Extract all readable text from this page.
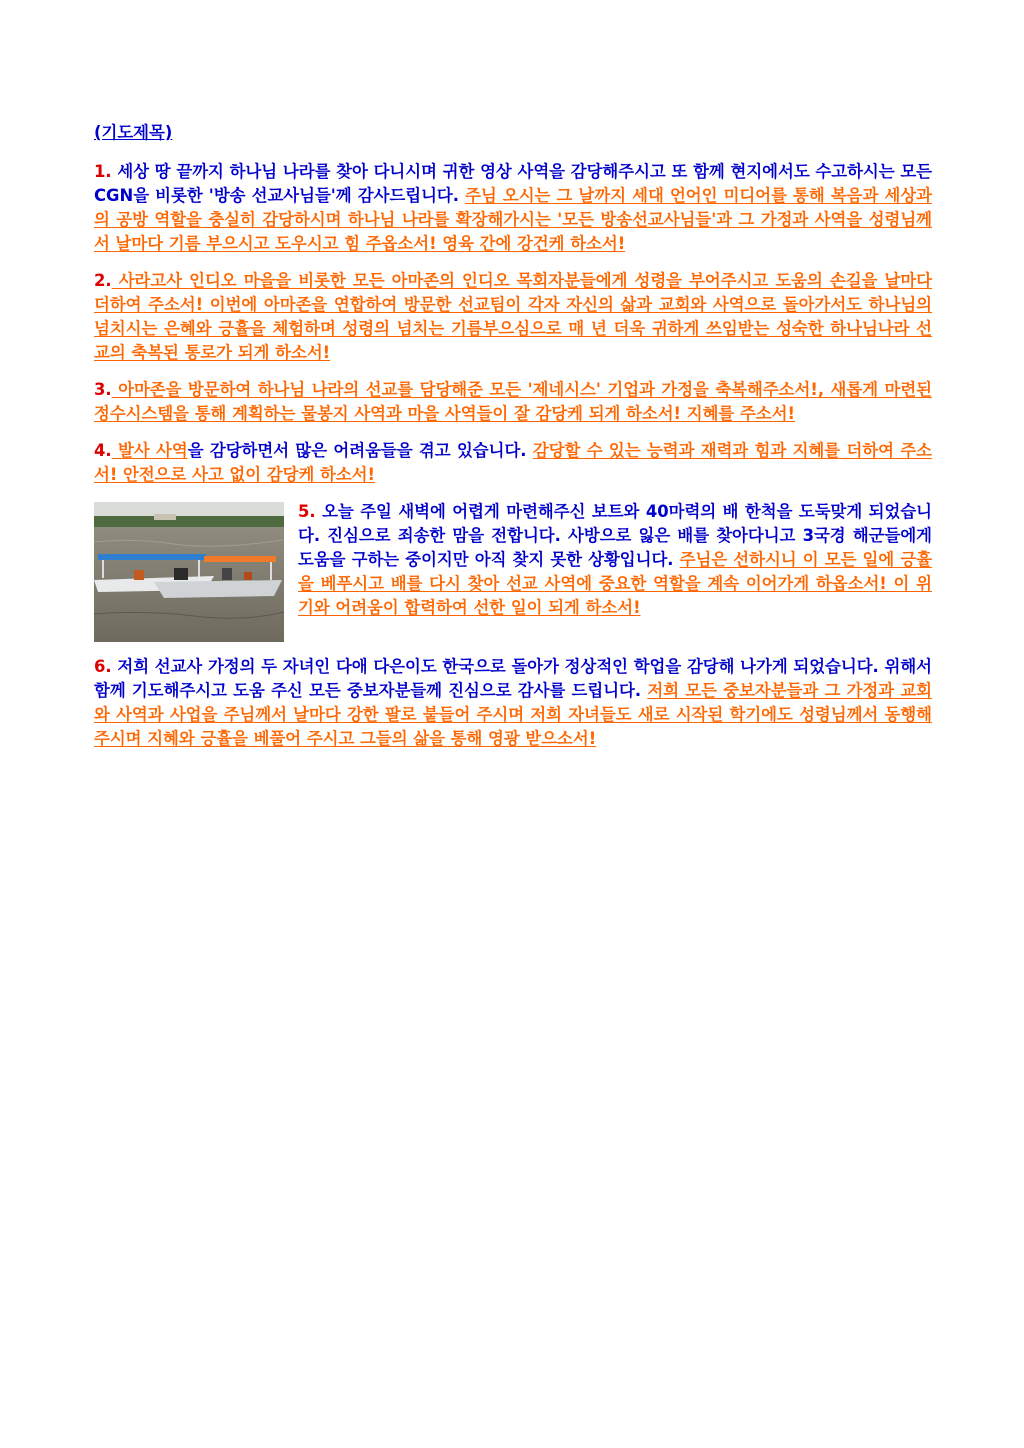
(기도제목)

1. 세상 땅 끝까지 하나님 나라를 찾아 다니시며 귀한 영상 사역을 감당해주시고 또 함께 현지에서도 수고하시는 모든 CGN을 비롯한 '방송 선교사님들'께 감사드립니다. 주님 오시는 그 날까지 세대 언어인 미디어를 통해 복음과 세상과의 공방 역할을 충실히 감당하시며 하나님 나라를 확장해가시는 '모든 방송선교사님들'과 그 가정과 사역을 성령님께서 날마다 기름 부으시고 도우시고 힘 주옵소서! 영육 간에 강건케 하소서!

2. 사라고사 인디오 마을을 비롯한 모든 아마존의 인디오 목회자분들에게 성령을 부어주시고 도움의 손길을 날마다 더하여 주소서! 이번에 아마존을 연합하여 방문한 선교팀이 각자 자신의 삶과 교회와 사역으로 돌아가서도 하나님의 넘치시는 은혜와 긍휼을 체험하며 성령의 넘치는 기름부으심으로 매 년 더욱 귀하게 쓰임받는 성숙한 하나님나라 선교의 축복된 통로가 되게 하소서!

3. 아마존을 방문하여 하나님 나라의 선교를 담당해준 모든 '제네시스' 기업과 가정을 축복해주소서!, 새롭게 마련된 정수시스템을 통해 계획하는 물봉지 사역과 마을 사역들이 잘 감당케 되게 하소서! 지혜를 주소서!

4. 발사 사역을 감당하면서 많은 어려움들을 겪고 있습니다. 감당할 수 있는 능력과 재력과 힘과 지혜를 더하여 주소서! 안전으로 사고 없이 감당케 하소서!

5. 오늘 주일 새벽에 어렵게 마련해주신 보트와 40마력의 배 한척을 도둑맞게 되었습니다. 진심으로 죄송한 맘을 전합니다. 사방으로 잃은 배를 찾아다니고 3국경 해군들에게 도움을 구하는 중이지만 아직 찾지 못한 상황입니다. 주님은 선하시니 이 모든 일에 긍휼을 베푸시고 배를 다시 찾아 선교 사역에 중요한 역할을 계속 이어가게 하옵소서! 이 위기와 어려움이 합력하여 선한 일이 되게 하소서!

6. 저희 선교사 가정의 두 자녀인 다애 다은이도 한국으로 돌아가 정상적인 학업을 감당해 나가게 되었습니다. 위해서 함께 기도해주시고 도움 주신 모든 중보자분들께 진심으로 감사를 드립니다. 저희 모든 중보자분들과 그 가정과 교회와 사역과 사업을 주님께서 날마다 강한 팔로 붙들어 주시며 저희 자녀들도 새로 시작된 학기에도 성령님께서 동행해 주시며 지혜와 긍휼을 베풀어 주시고 그들의 삶을 통해 영광 받으소서!
